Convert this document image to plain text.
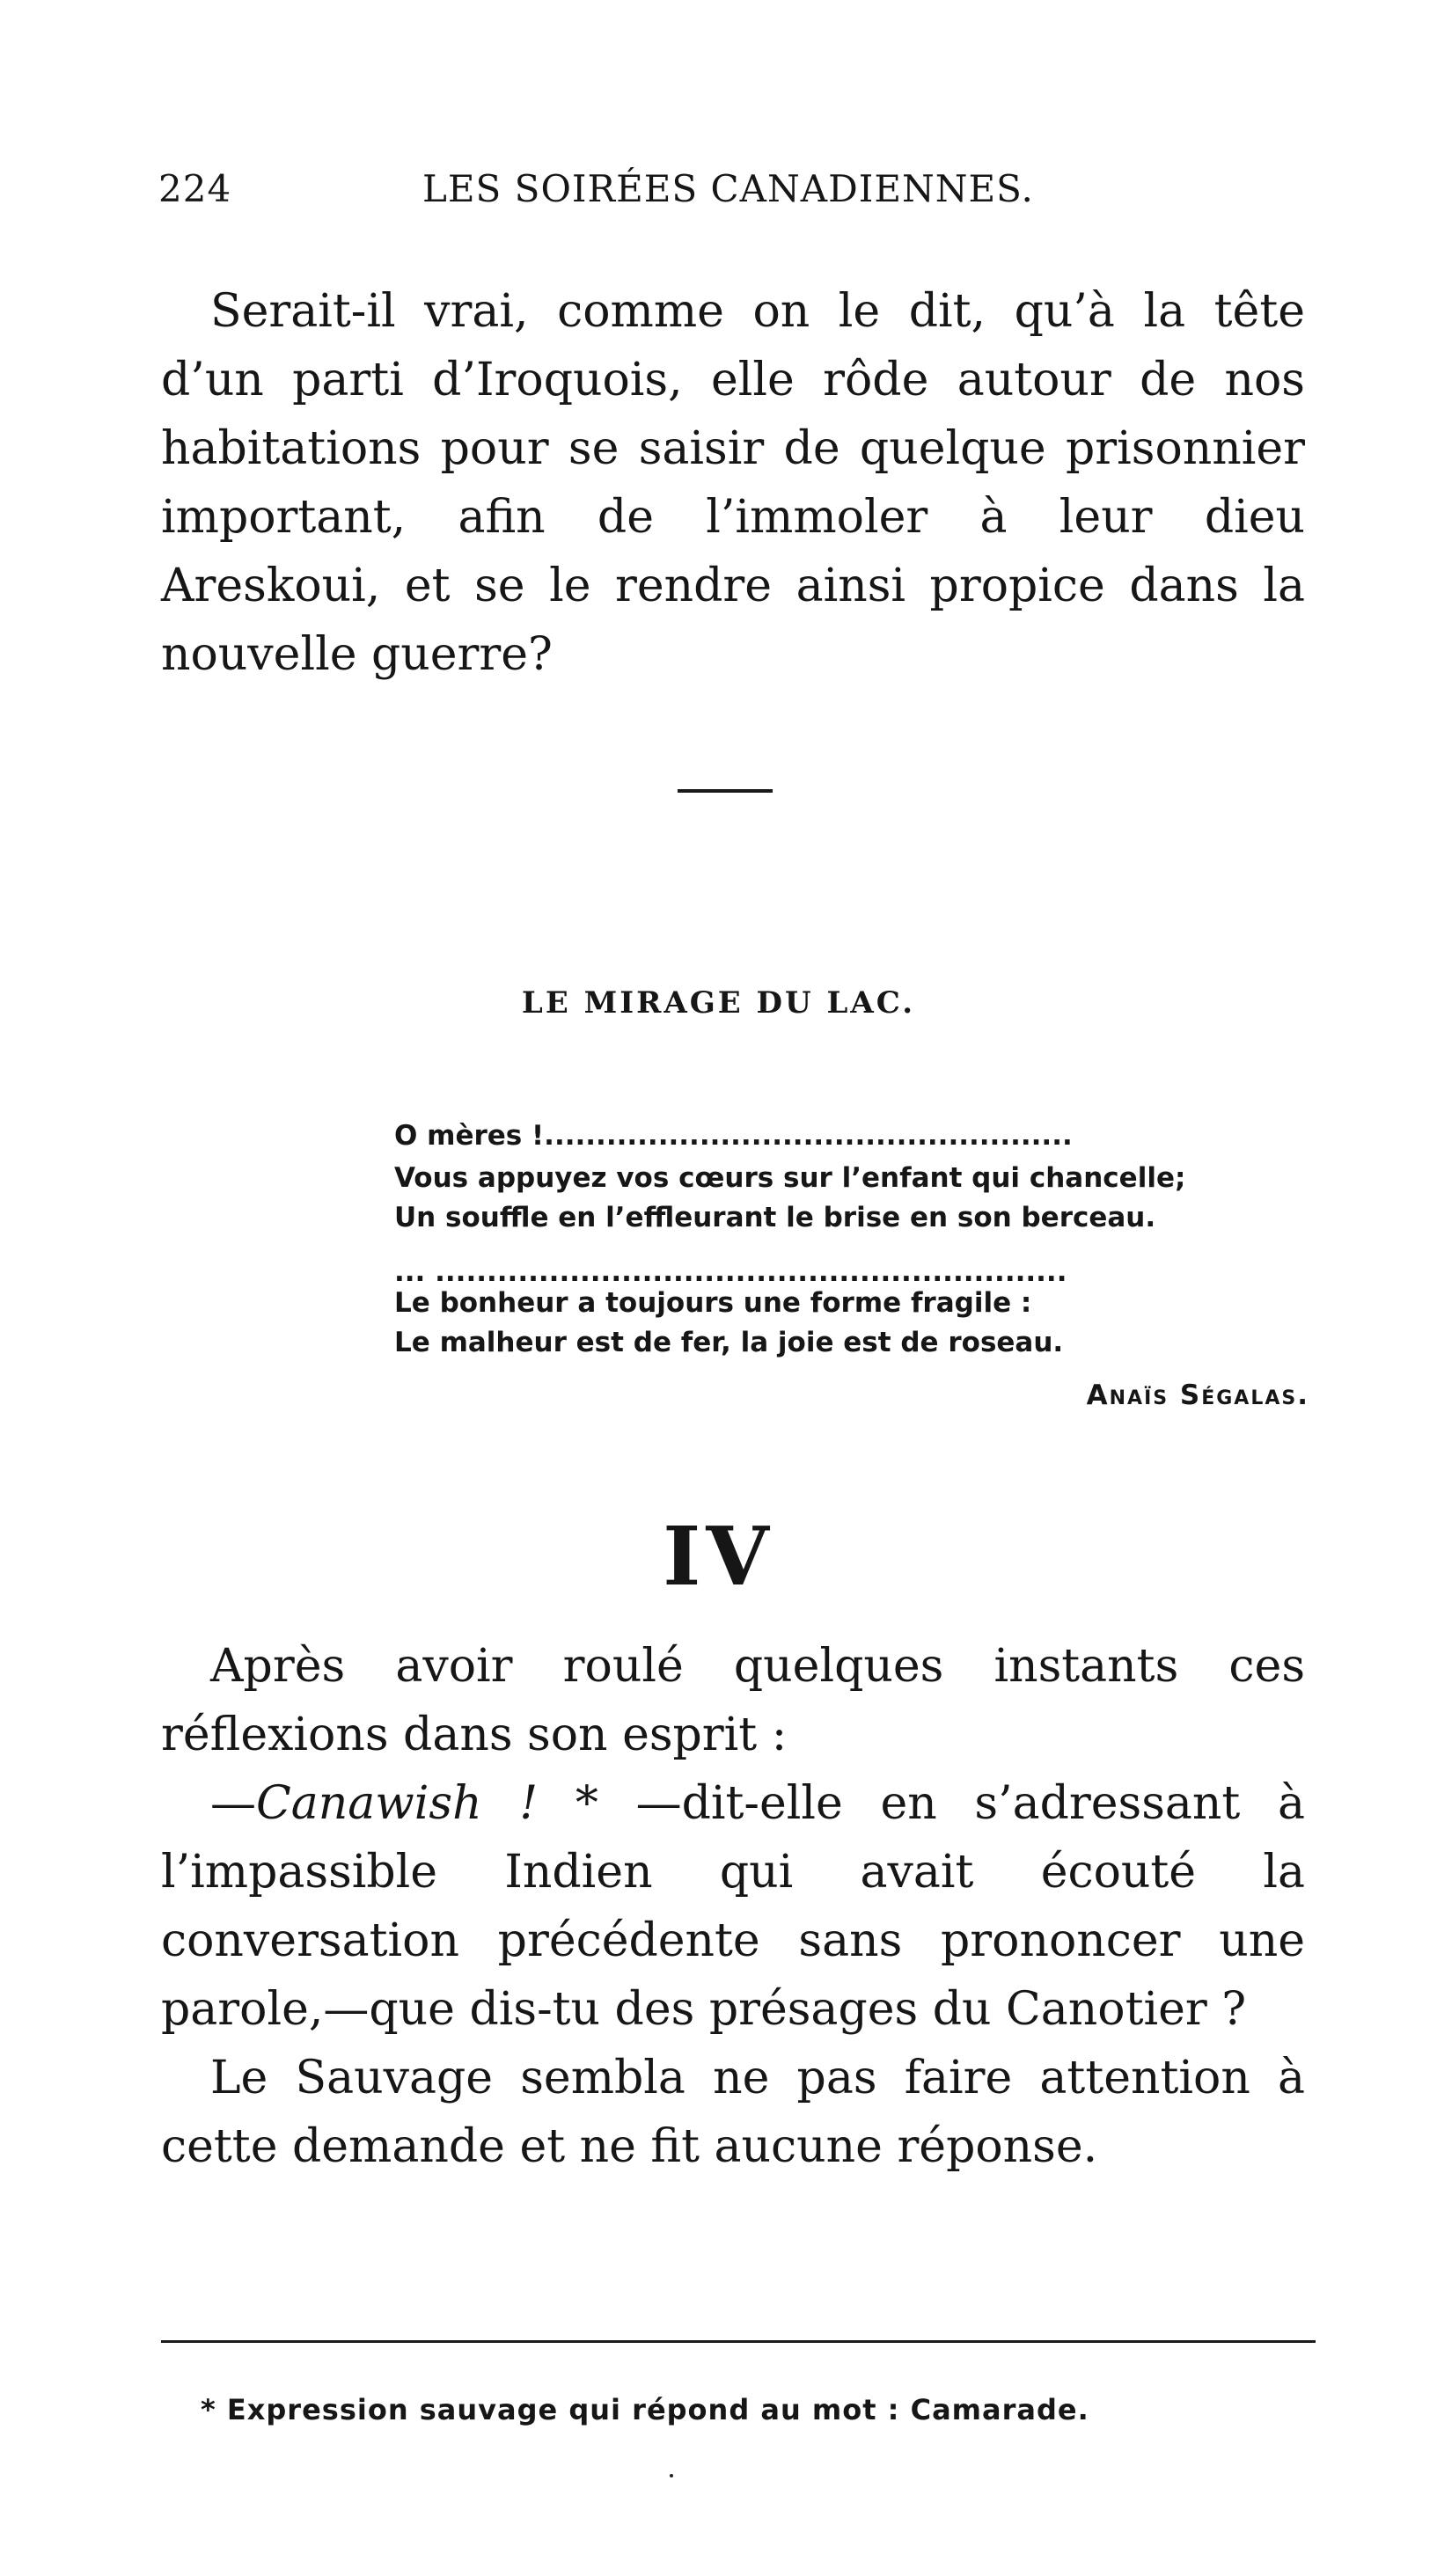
224	LES SOIRÉES CANADIENNES.

Serait-il vrai, comme on le dit, qu’à la tête d’un parti d’Iroquois, elle rôde autour de nos habitations pour se saisir de quelque prisonnier important, afin de l’immoler à leur dieu Areskoui, et se le rendre ainsi propice dans la nouvelle guerre?

LE MIRAGE DU LAC.
O mères !...................................................
Vous appuyez vos cœurs sur l’enfant qui chancelle;
Un souffle en l’effleurant le brise en son berceau.
... .............................................................
Le bonheur a toujours une forme fragile :
Le malheur est de fer, la joie est de roseau.
Anaïs Ségalas.
IV

Après avoir roulé quelques instants ces réflexions dans son esprit :

—Canawish ! * —dit-elle en s’adressant à l’impassible Indien qui avait écouté la conversation précédente sans prononcer une parole,—que dis-tu des présages du Canotier ?

Le Sauvage sembla ne pas faire attention à cette demande et ne fit aucune réponse.

* Expression sauvage qui répond au mot : Camarade.
